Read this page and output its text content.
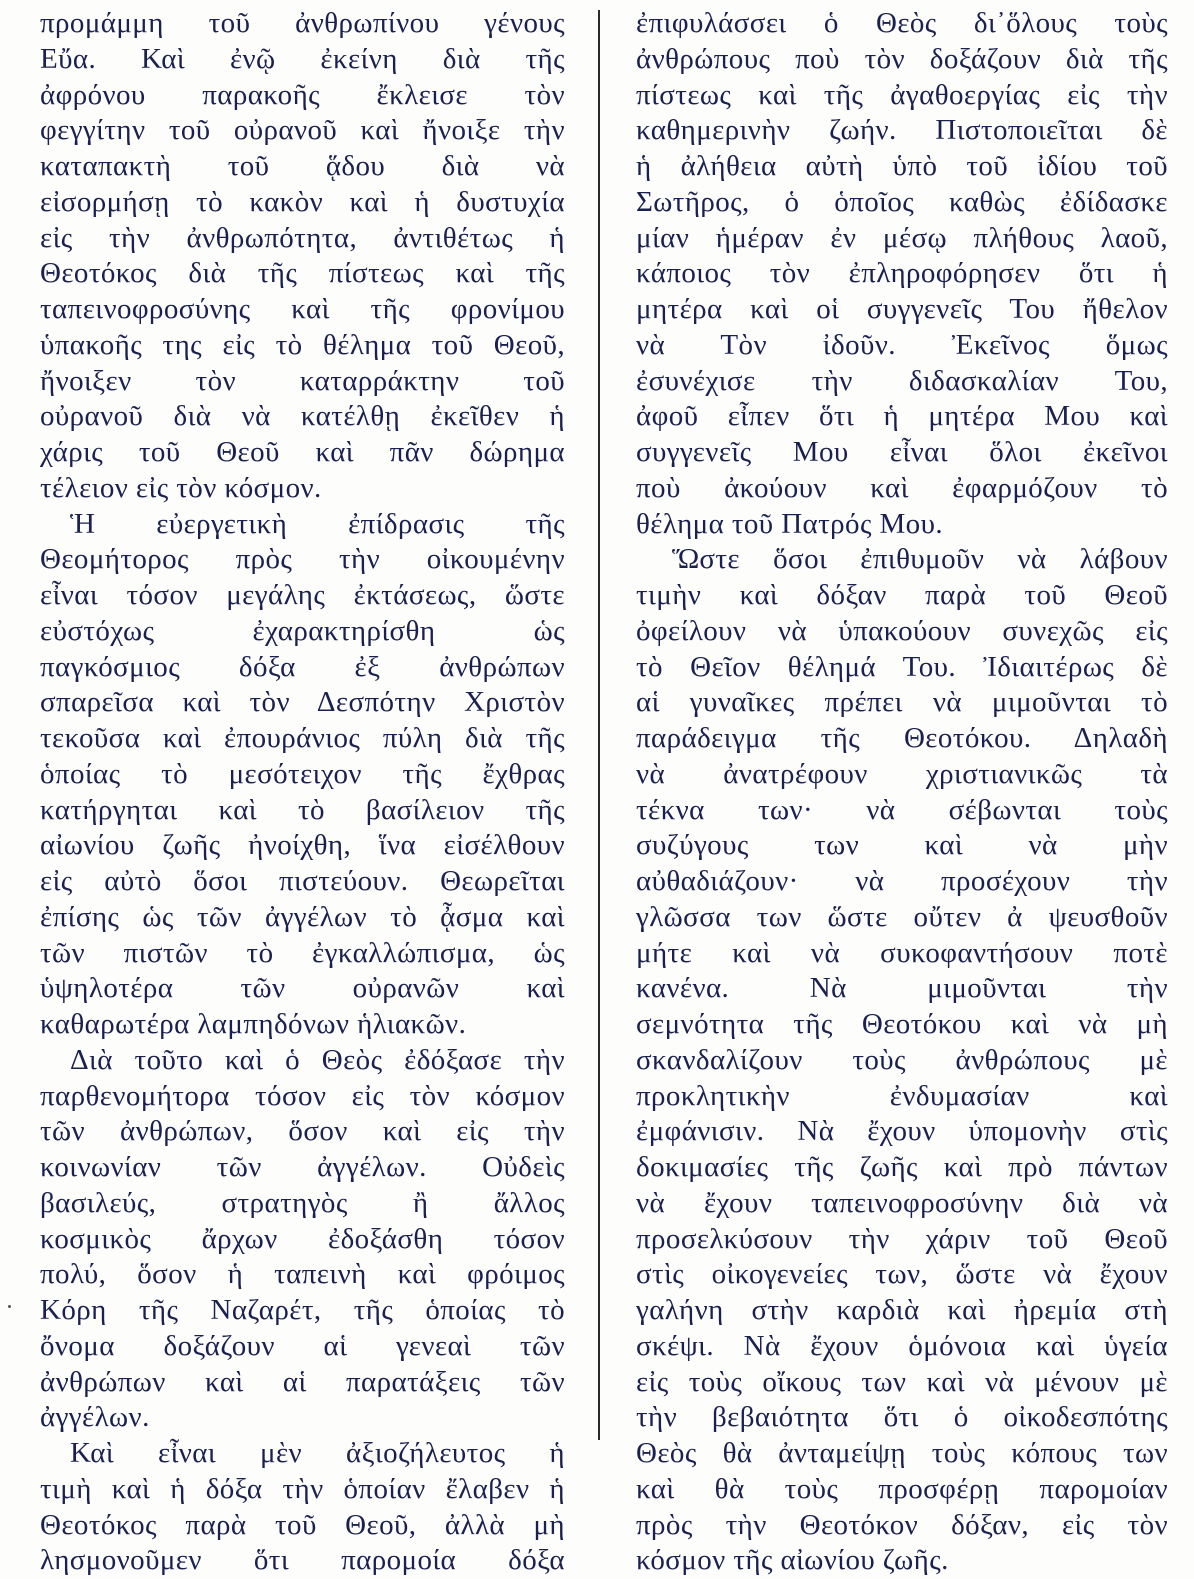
προμάμμη τοῦ ἀνθρωπίνου γένους
Εὔα. Καὶ ἐνῷ ἐκείνη διὰ τῆς
ἀφρόνου παρακοῆς ἔκλεισε τὸν
φεγγίτην τοῦ οὐρανοῦ καὶ ἤνοιξε τὴν
καταπακτὴ τοῦ ᾅδου διὰ νὰ
εἰσορμήσῃ τὸ κακὸν καὶ ἡ δυστυχία
εἰς τὴν ἀνθρωπότητα, ἀντιθέτως ἡ
Θεοτόκος διὰ τῆς πίστεως καὶ τῆς
ταπεινοφροσύνης καὶ τῆς φρονίμου
ὑπακοῆς της εἰς τὸ θέλημα τοῦ Θεοῦ,
ἤνοιξεν τὸν καταρράκτην τοῦ
οὐρανοῦ διὰ νὰ κατέλθῃ ἐκεῖθεν ἡ
χάρις τοῦ Θεοῦ καὶ πᾶν δώρημα
τέλειον εἰς τὸν κόσμον.
Ἡ εὐεργετικὴ ἐπίδρασις τῆς
Θεομήτορος πρὸς τὴν οἰκουμένην
εἶναι τόσον μεγάλης ἐκτάσεως, ὥστε
εὐστόχως ἐχαρακτηρίσθη ὡς
παγκόσμιος δόξα ἐξ ἀνθρώπων
σπαρεῖσα καὶ τὸν Δεσπότην Χριστὸν
τεκοῦσα καὶ ἐπουράνιος πύλη διὰ τῆς
ὁποίας τὸ μεσότειχον τῆς ἔχθρας
κατήργηται καὶ τὸ βασίλειον τῆς
αἰωνίου ζωῆς ἠνοίχθη, ἵνα εἰσέλθουν
εἰς αὐτὸ ὅσοι πιστεύουν. Θεωρεῖται
ἐπίσης ὡς τῶν ἀγγέλων τὸ ᾆσμα καὶ
τῶν πιστῶν τὸ ἐγκαλλώπισμα, ὡς
ὑψηλοτέρα τῶν οὐρανῶν καὶ
καθαρωτέρα λαμπηδόνων ἡλιακῶν.
Διὰ τοῦτο καὶ ὁ Θεὸς ἐδόξασε τὴν
παρθενομήτορα τόσον εἰς τὸν κόσμον
τῶν ἀνθρώπων, ὅσον καὶ εἰς τὴν
κοινωνίαν τῶν ἀγγέλων. Οὐδεὶς
βασιλεύς, στρατηγὸς ἢ ἄλλος
κοσμικὸς ἄρχων ἐδοξάσθη τόσον
πολύ, ὅσον ἡ ταπεινὴ καὶ φρόιμος
Κόρη τῆς Ναζαρέτ, τῆς ὁποίας τὸ
ὄνομα δοξάζουν αἱ γενεαὶ τῶν
ἀνθρώπων καὶ αἱ παρατάξεις τῶν
ἀγγέλων.
Καὶ εἶναι μὲν ἀξιοζήλευτος ἡ
τιμὴ καὶ ἡ δόξα τὴν ὁποίαν ἔλαβεν ἡ
Θεοτόκος παρὰ τοῦ Θεοῦ, ἀλλὰ μὴ
λησμονοῦμεν ὅτι παρομοία δόξα
ἐπιφυλάσσει ὁ Θεὸς δι᾽ὅλους τοὺς
ἀνθρώπους ποὺ τὸν δοξάζουν διὰ τῆς
πίστεως καὶ τῆς ἀγαθοεργίας εἰς τὴν
καθημερινὴν ζωήν. Πιστοποιεῖται δὲ
ἡ ἀλήθεια αὐτὴ ὑπὸ τοῦ ἰδίου τοῦ
Σωτῆρος, ὁ ὁποῖος καθὼς ἐδίδασκε
μίαν ἡμέραν ἐν μέσῳ πλήθους λαοῦ,
κάποιος τὸν ἐπληροφόρησεν ὅτι ἡ
μητέρα καὶ οἱ συγγενεῖς Του ἤθελον
νὰ Τὸν ἰδοῦν. Ἐκεῖνος ὅμως
ἐσυνέχισε τὴν διδασκαλίαν Του,
ἀφοῦ εἶπεν ὅτι ἡ μητέρα Μου καὶ
συγγενεῖς Μου εἶναι ὅλοι ἐκεῖνοι
ποὺ ἀκούουν καὶ ἐφαρμόζουν τὸ
θέλημα τοῦ Πατρός Μου.
Ὥστε ὅσοι ἐπιθυμοῦν νὰ λάβουν
τιμὴν καὶ δόξαν παρὰ τοῦ Θεοῦ
ὀφείλουν νὰ ὑπακούουν συνεχῶς εἰς
τὸ Θεῖον θέλημά Του. Ἰδιαιτέρως δὲ
αἱ γυναῖκες πρέπει νὰ μιμοῦνται τὸ
παράδειγμα τῆς Θεοτόκου. Δηλαδὴ
νὰ ἀνατρέφουν χριστιανικῶς τὰ
τέκνα των· νὰ σέβωνται τοὺς
συζύγους των καὶ νὰ μὴν
αὐθαδιάζουν· νὰ προσέχουν τὴν
γλῶσσα των ὥστε οὔτεν ἀ ψευσθοῦν
μήτε καὶ νὰ συκοφαντήσουν ποτὲ
κανένα. Νὰ μιμοῦνται τὴν
σεμνότητα τῆς Θεοτόκου καὶ νὰ μὴ
σκανδαλίζουν τοὺς ἀνθρώπους μὲ
προκλητικὴν ἐνδυμασίαν καὶ
ἐμφάνισιν. Νὰ ἔχουν ὑπομονὴν στὶς
δοκιμασίες τῆς ζωῆς καὶ πρὸ πάντων
νὰ ἔχουν ταπεινοφροσύνην διὰ νὰ
προσελκύσουν τὴν χάριν τοῦ Θεοῦ
στὶς οἰκογενείες των, ὥστε νὰ ἔχουν
γαλήνη στὴν καρδιὰ καὶ ἠρεμία στὴ
σκέψι. Νὰ ἔχουν ὁμόνοια καὶ ὑγεία
εἰς τοὺς οἴκους των καὶ νὰ μένουν μὲ
τὴν βεβαιότητα ὅτι ὁ οἰκοδεσπότης
Θεὸς θὰ ἀνταμείψῃ τοὺς κόπους των
καὶ θὰ τοὺς προσφέρῃ παρομοίαν
πρὸς τὴν Θεοτόκον δόξαν, εἰς τὸν
κόσμον τῆς αἰωνίου ζωῆς.
